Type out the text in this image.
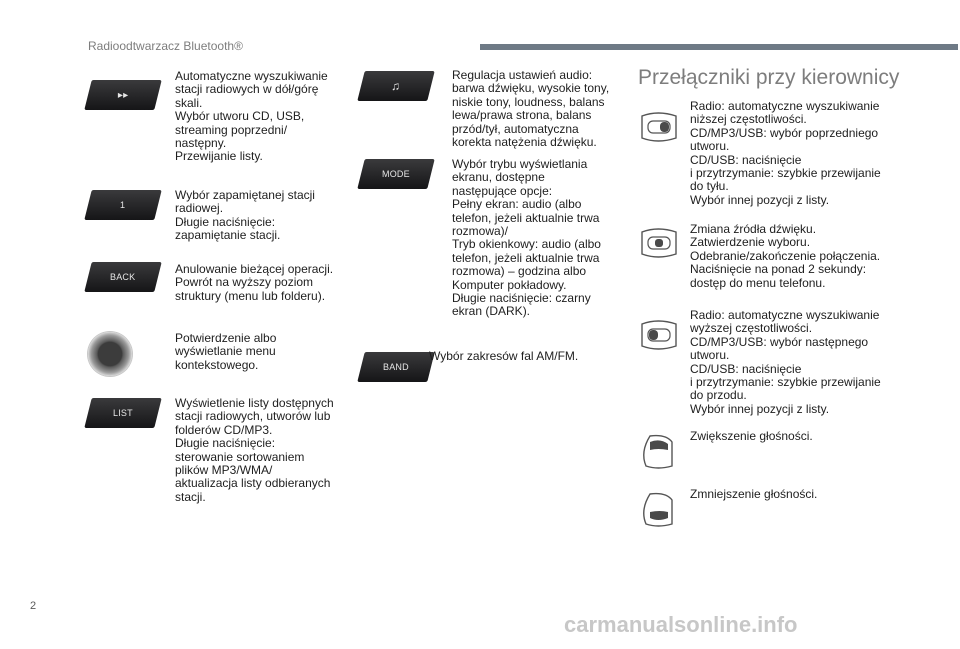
Radioodtwarzacz Bluetooth®
▸▸
Automatyczne wyszukiwanie
stacji radiowych w dół/górę
skali.
Wybór utworu CD, USB,
streaming poprzedni/
następny.
Przewijanie listy.
1
Wybór zapamiętanej stacji
radiowej.
Długie naciśnięcie:
zapamiętanie stacji.
BACK
Anulowanie bieżącej operacji.
Powrót na wyższy poziom
struktury (menu lub folderu).
Potwierdzenie albo
wyświetlanie menu
kontekstowego.
LIST
Wyświetlenie listy dostępnych
stacji radiowych, utworów lub
folderów CD/MP3.
Długie naciśnięcie:
sterowanie sortowaniem
plików MP3/WMA/
aktualizacja listy odbieranych
stacji.
♫
Regulacja ustawień audio:
barwa dźwięku, wysokie tony,
niskie tony, loudness, balans
lewa/prawa strona, balans
przód/tył, automatyczna
korekta natężenia dźwięku.
MODE
Wybór trybu wyświetlania
ekranu, dostępne
następujące opcje:
Pełny ekran: audio (albo
telefon, jeżeli aktualnie trwa
rozmowa)/
Tryb okienkowy: audio (albo
telefon, jeżeli aktualnie trwa
rozmowa) – godzina albo
Komputer pokładowy.
Długie naciśnięcie: czarny
ekran (DARK).
BAND
Wybór zakresów fal AM/FM.
Przełączniki przy kierownicy
Radio: automatyczne wyszukiwanie
niższej częstotliwości.
CD/MP3/USB: wybór poprzedniego
utworu.
CD/USB: naciśnięcie
i przytrzymanie: szybkie przewijanie
do tyłu.
Wybór innej pozycji z listy.
Zmiana źródła dźwięku.
Zatwierdzenie wyboru.
Odebranie/zakończenie połączenia.
Naciśnięcie na ponad 2 sekundy:
dostęp do menu telefonu.
Radio: automatyczne wyszukiwanie
wyższej częstotliwości.
CD/MP3/USB: wybór następnego
utworu.
CD/USB: naciśnięcie
i przytrzymanie: szybkie przewijanie
do przodu.
Wybór innej pozycji z listy.
Zwiększenie głośności.
Zmniejszenie głośności.
2
carmanualsonline.info
